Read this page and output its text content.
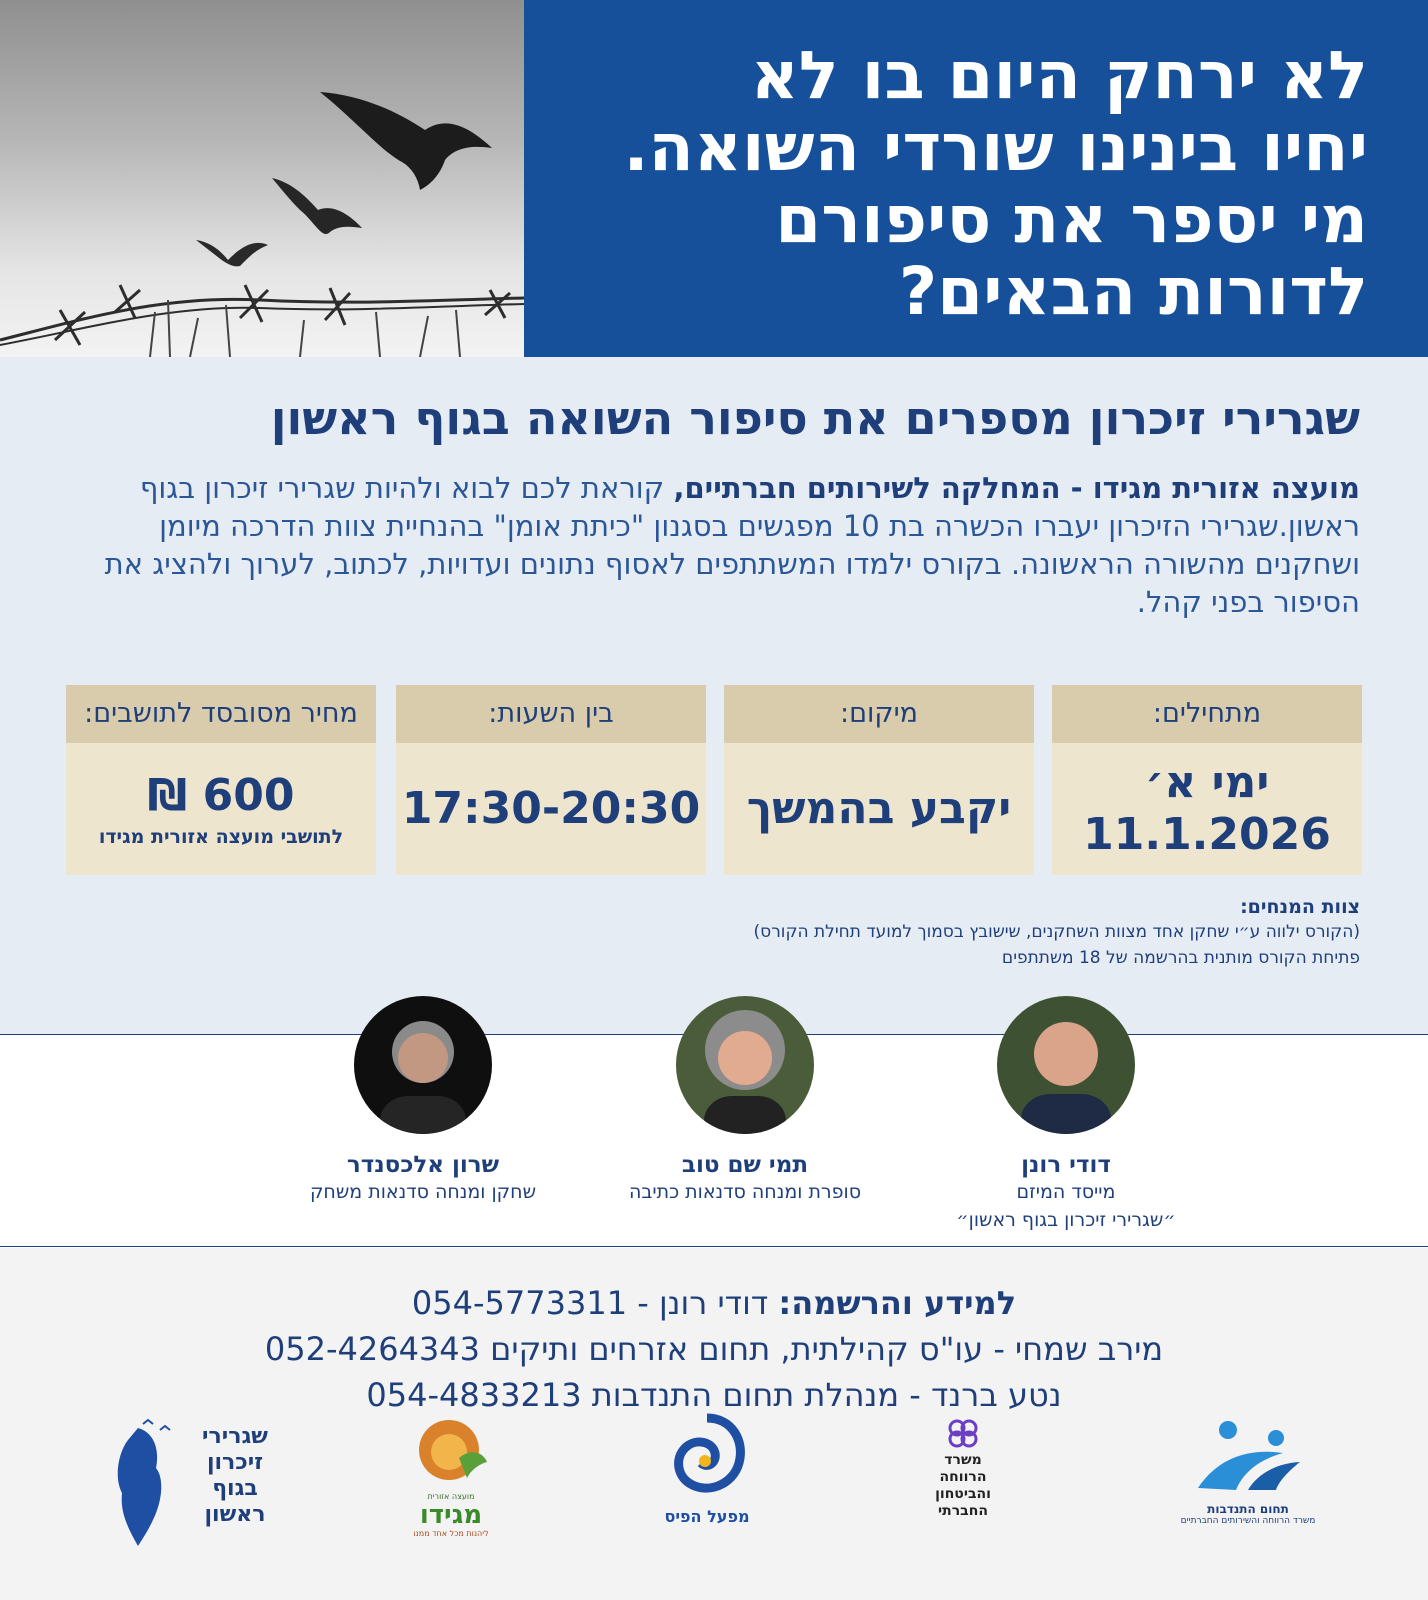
לא ירחק היום בו לא
יחיו בינינו שורדי השואה.
מי יספר את סיפורם
לדורות הבאים?
שגרירי זיכרון מספרים את סיפור השואה בגוף ראשון

מועצה אזורית מגידו - המחלקה לשירותים חברתיים, קוראת לכם לבוא ולהיות שגרירי זיכרון בגוף ראשון.שגרירי הזיכרון יעברו הכשרה בת 10 מפגשים בסגנון "כיתת אומן" בהנחיית צוות הדרכה מיומן ושחקנים מהשורה הראשונה. בקורס ילמדו המשתתפים לאסוף נתונים ועדויות, לכתוב, לערוך ולהציג את הסיפור בפני קהל.

מתחילים:
ימי א׳
11.1.2026
מיקום:
יקבע בהמשך
בין השעות:
17:30-20:30
מחיר מסובסד לתושבים:
600 ₪
לתושבי מועצה אזורית מגידו
צוות המנחים:
(הקורס ילווה ע״י שחקן אחד מצוות השחקנים, שישובץ בסמוך למועד תחילת הקורס)
פתיחת הקורס מותנית בהרשמה של 18 משתתפים
דודי רונן
מייסד המיזם
״שגרירי זיכרון בגוף ראשון״
תמי שם טוב
סופרת ומנחה סדנאות כתיבה
שרון אלכסנדר
שחקן ומנחה סדנאות משחק
למידע והרשמה: דודי רונן - 054-5773311
מירב שמחי - עו"ס קהילתית, תחום אזרחים ותיקים 052-4264343
נטע ברנד - מנהלת תחום התנדבות 054-4833213
תחום התנדבות
משרד הרווחה והשירותים החברתיים
משרד
הרווחה
והביטחון
החברתי
מפעל הפיס
מועצה אזורית
מגידו
ליהנות מכל אחד ממנו
שגרירי
זיכרון
בגוף
ראשון
